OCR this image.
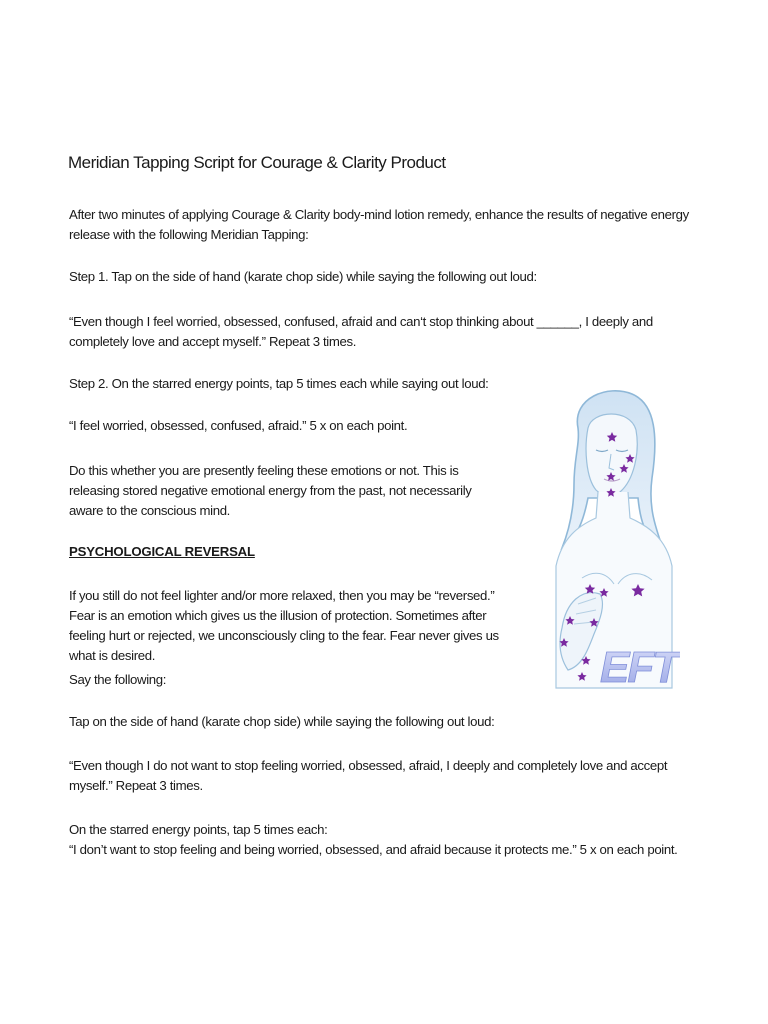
Meridian Tapping Script for Courage & Clarity Product
After two minutes of applying Courage & Clarity body-mind lotion remedy, enhance the results of negative energy release with the following Meridian Tapping:
Step 1. Tap on the side of hand (karate chop side) while saying the following out loud:
“Even though I feel worried, obsessed, confused, afraid and can‘t stop thinking about ______, I deeply and completely love and accept myself.” Repeat 3 times.
Step 2. On the starred energy points, tap 5 times each while saying out loud:
“I feel worried, obsessed, confused, afraid.” 5 x on each point.
Do this whether you are presently feeling these emotions or not. This is releasing stored negative emotional energy from the past, not necessarily aware to the conscious mind.
PSYCHOLOGICAL REVERSAL
If you still do not feel lighter and/or more relaxed, then you may be “reversed.” Fear is an emotion which gives us the illusion of protection. Sometimes after feeling hurt or rejected, we unconsciously cling to the fear. Fear never gives us what is desired.
Say the following:
Tap on the side of hand (karate chop side) while saying the following out loud:
“Even though I do not want to stop feeling worried, obsessed, afraid, I deeply and completely love and accept myself.” Repeat 3 times.
On the starred energy points, tap 5 times each:
“I don’t want to stop feeling and being worried, obsessed, and afraid because it protects me.” 5 x on each point.
EFT
